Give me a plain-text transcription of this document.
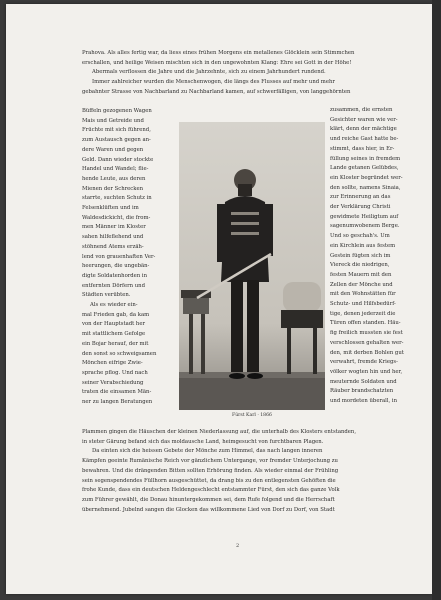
Prahova. Als alles fertig war, da liess eines frühen Morgens ein metallenes Glöcklein sein Stimmchen

erschallen, und heilige Weisen mischten sich in den ungewohnten Klang: Ehre sei Gott in der Höhe!

Abermals verflossen die Jahre und die Jahrzehnte, sich zu einem Jahrhundert rundend.

Immer zahlreicher wurden die Menschenwogen, die längs des Flusses auf mehr und mehr

gebahnter Strasse von Nachbarland zu Nachbarland kamen, auf schwerfälligen, von langgehörnten

Büffeln gezogenen Wagen

Mais und Getreide und

Früchte mit sich führend,

zum Austausch gegen an-

dere Waren und gegen

Geld. Dann wieder stockte

Handel und Wandel; flie-

hende Leute, aus deren

Mienen der Schrecken

starrte, suchten Schutz in

Felsenklüften und im

Waldesdickicht, die from-

men Männer im Kloster

sahen hilfeflehend und

stöhnend Atems erzäh-

lend von grauenhaften Ver-

heerungen, die ungebän-

digte Soldatenhorden in

entfernten Dörfern und

Städten verübten.

Als es wieder ein-

mal Frieden gab, da kam

von der Hauptstadt her

mit stattlichem Gefolge

ein Bojar herauf, der mit

den sonst so schweigsamen

Mönchen eifrige Zwie-

sprache pflog. Und nach

seiner Verabschiedung

traten die einsamen Män-

ner zu langen Beratungen

zusammen, die ernsten

Gesichter waren wie ver-

klärt, denn der mächtige

und reiche Gast hatte be-

stimmt, dass hier, in Er-

füllung seines in fremdem

Lande getanen Gelübdes,

ein Kloster begründet wer-

den sollte, namens Sinaia,

zur Erinnerung an das

der Verklärung Christi

gewidmete Heiligtum auf

sagenumwobenem Berge.

Und so geschah's. Um

ein Kirchlein aus festem

Gestein fügten sich im

Viereck die niedrigen,

festen Mauern mit den

Zellen der Mönche und

mit den Wohnstätten für

Schutz- und Hilfsbedürf-

tige, denen jederzeit die

Türen offen standen. Häu-

fig freilich mussten sie fest

verschlossen gehalten wer-

den, mit derben Bohlen gut

verwahrt, fremde Kriegs-

völker wogten hin und her,

meuternde Soldaten und

Räuber brandschatzten

und mordeten überall, in

Fürst Karl · 1866

Plammen gingen die Häuschen der kleinen Niederlassung auf, die unterhalb des Klosters entstanden,

in steter Gärung befand sich das moldausche Land, heimgesucht von furchtbaren Plagen.

Da einten sich die heissen Gebete der Mönche zum Himmel, das nach langen inneren

Kämpfen geeinte Rumänische Reich vor gänzlichem Untergange, vor fremder Unterjochung zu

bewahren. Und die drängenden Bitten sollten Erhörung finden. Als wieder einmal der Frühling

sein segenspendendes Füllhorn ausgeschüttet, da drang bis zu den entlegensten Gehöften die

frohe Kunde, dass ein deutschen Heldengeschlecht entstammter Fürst, den sich das ganze Volk

zum Führer gewählt, die Donau hinuntergekommen sei, dem Rufe folgend und die Herrschaft

übernehmend. Jubelnd sangen die Glocken das willkommene Lied von Dorf zu Dorf, von Stadt

2
